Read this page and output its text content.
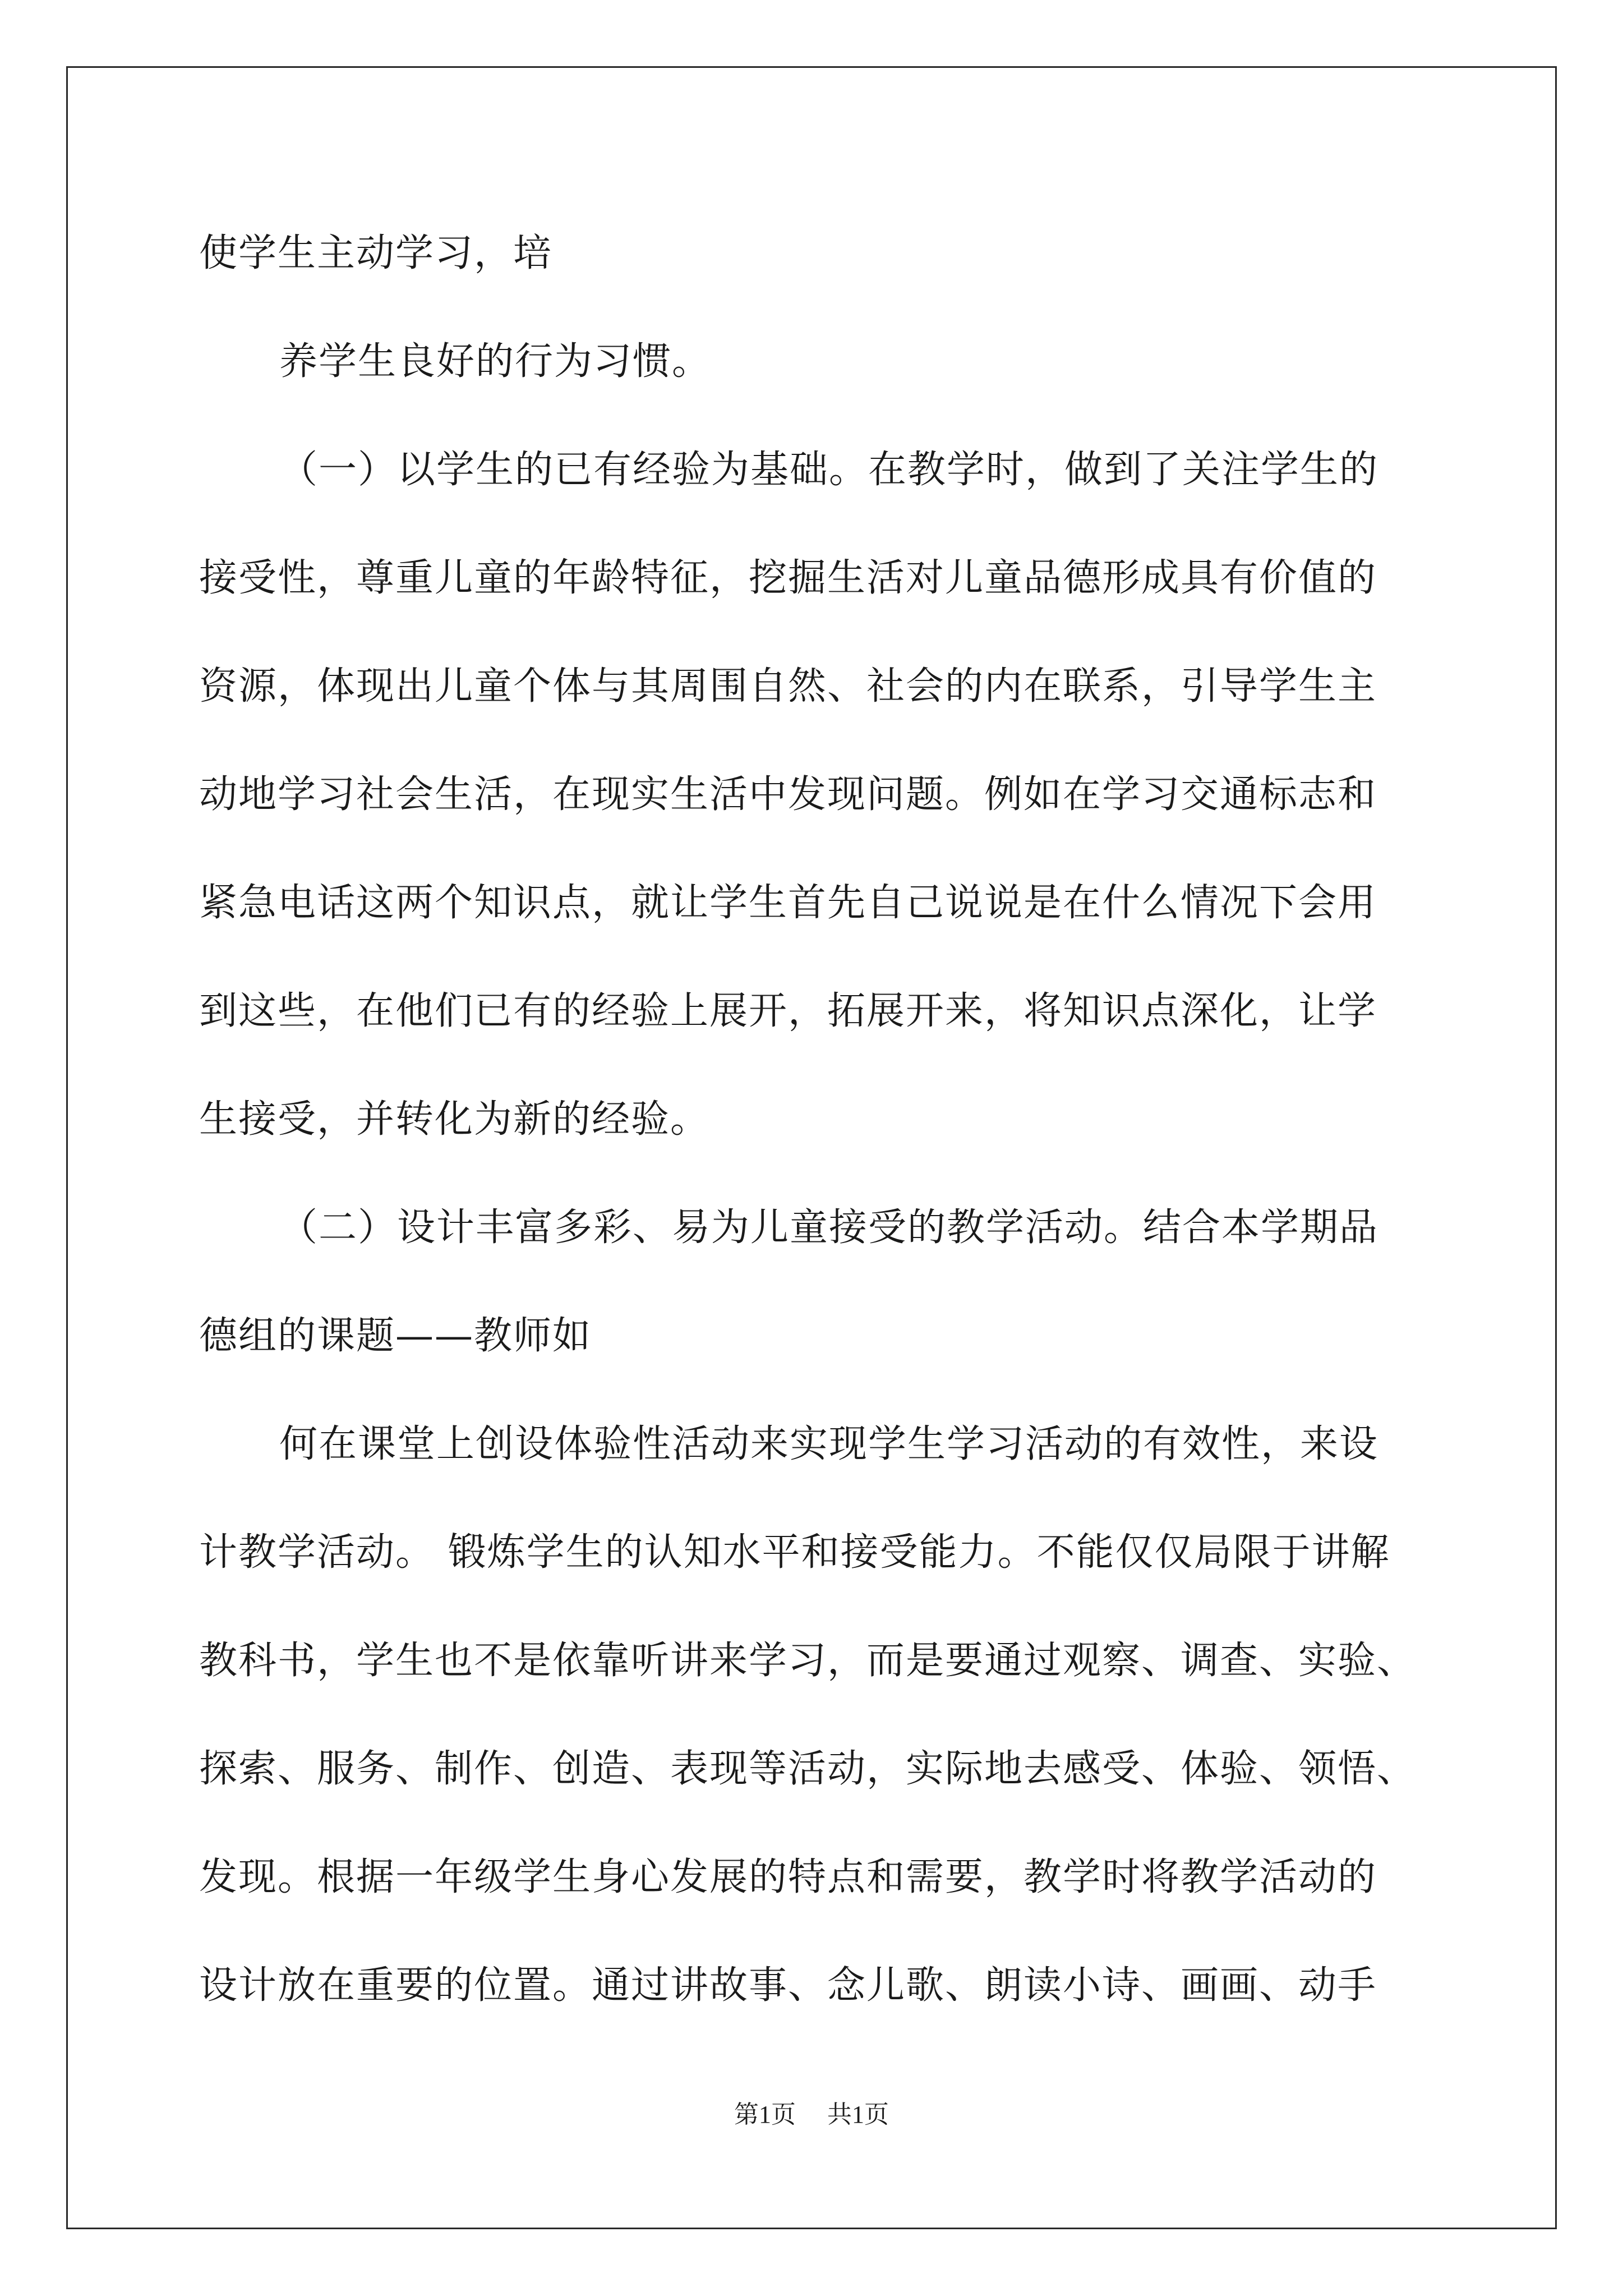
使学生主动学习，培

养学生良好的行为习惯。

（一）以学生的已有经验为基础。在教学时，做到了关注学生的

接受性，尊重儿童的年龄特征，挖掘生活对儿童品德形成具有价值的

资源，体现出儿童个体与其周围自然、社会的内在联系，引导学生主

动地学习社会生活，在现实生活中发现问题。例如在学习交通标志和

紧急电话这两个知识点，就让学生首先自己说说是在什么情况下会用

到这些，在他们已有的经验上展开，拓展开来，将知识点深化，让学

生接受，并转化为新的经验。

（二）设计丰富多彩、易为儿童接受的教学活动。结合本学期品

德组的课题——教师如

何在课堂上创设体验性活动来实现学生学习活动的有效性，来设

计教学活动。 锻炼学生的认知水平和接受能力。不能仅仅局限于讲解

教科书，学生也不是依靠听讲来学习，而是要通过观察、调查、实验、

探索、服务、制作、创造、表现等活动，实际地去感受、体验、领悟、

发现。根据一年级学生身心发展的特点和需要，教学时将教学活动的

设计放在重要的位置。通过讲故事、念儿歌、朗读小诗、画画、动手

第1页 共1页
